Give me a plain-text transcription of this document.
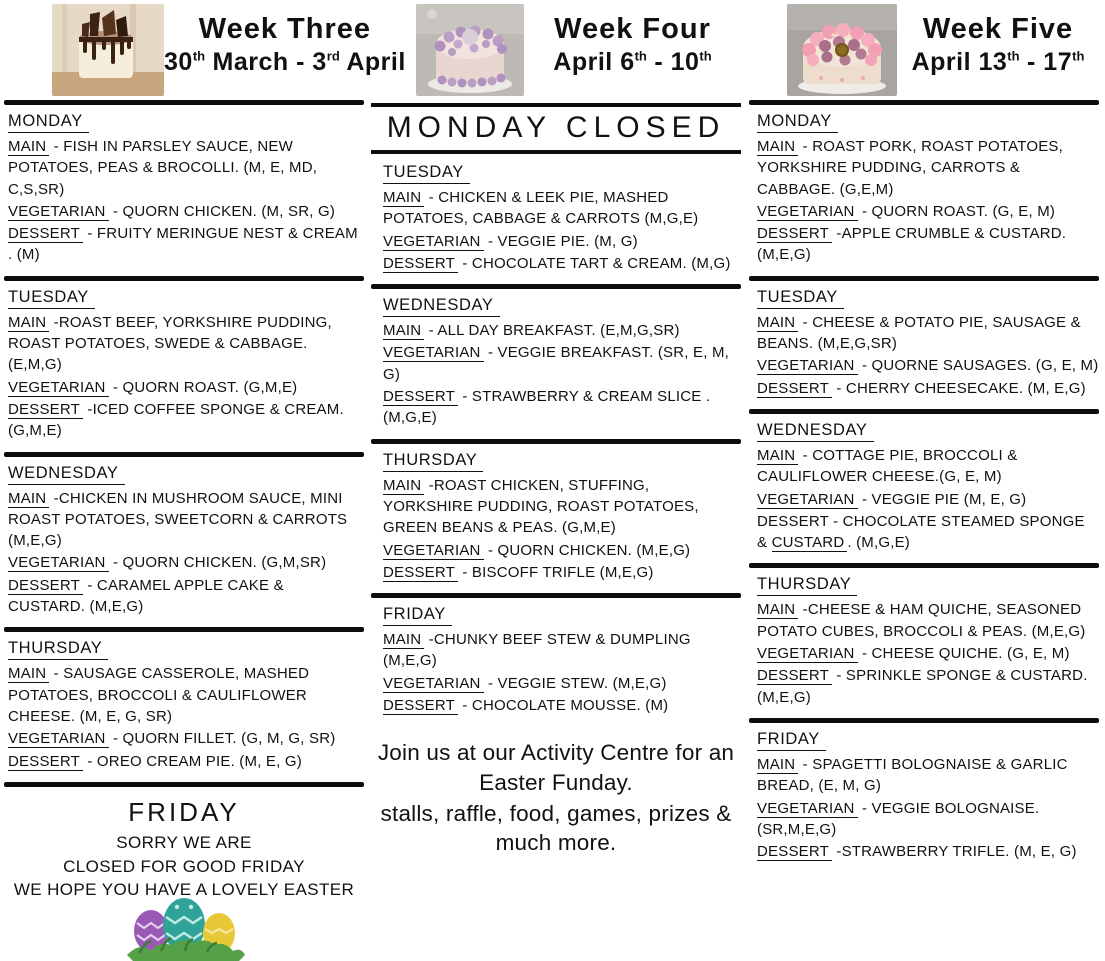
Week Three
30th March - 3rd April
MONDAY
MAIN - FISH IN PARSLEY SAUCE, NEW POTATOES, PEAS & BROCOLLI. (M, E, MD, C,S,SR)
VEGETARIAN - QUORN CHICKEN. (M, SR, G)
DESSERT - FRUITY MERINGUE NEST & CREAM . (M)
TUESDAY
MAIN -ROAST BEEF, YORKSHIRE PUDDING, ROAST POTATOES, SWEDE & CABBAGE. (E,M,G)
VEGETARIAN - QUORN ROAST. (G,M,E)
DESSERT -ICED COFFEE SPONGE & CREAM. (G,M,E)
WEDNESDAY
MAIN -CHICKEN IN MUSHROOM SAUCE, MINI ROAST POTATOES, SWEETCORN & CARROTS (M,E,G)
VEGETARIAN - QUORN CHICKEN. (G,M,SR)
DESSERT - CARAMEL APPLE CAKE & CUSTARD. (M,E,G)
THURSDAY
MAIN - SAUSAGE CASSEROLE, MASHED POTATOES, BROCCOLI & CAULIFLOWER CHEESE. (M, E, G, SR)
VEGETARIAN - QUORN FILLET. (G, M, G, SR)
DESSERT - OREO CREAM PIE. (M, E, G)
FRIDAY
SORRY WE ARE
CLOSED FOR GOOD FRIDAY
WE HOPE YOU HAVE A LOVELY EASTER
Week Four
April 6th - 10th
MONDAY CLOSED
TUESDAY
MAIN - CHICKEN & LEEK PIE, MASHED POTATOES, CABBAGE & CARROTS (M,G,E)
VEGETARIAN - VEGGIE PIE. (M, G)
DESSERT - CHOCOLATE TART & CREAM. (M,G)
WEDNESDAY
MAIN - ALL DAY BREAKFAST. (E,M,G,SR)
VEGETARIAN - VEGGIE BREAKFAST. (SR, E, M, G)
DESSERT - STRAWBERRY & CREAM SLICE . (M,G,E)
THURSDAY
MAIN -ROAST CHICKEN, STUFFING, YORKSHIRE PUDDING, ROAST POTATOES, GREEN BEANS & PEAS. (G,M,E)
VEGETARIAN - QUORN CHICKEN. (M,E,G)
DESSERT - BISCOFF TRIFLE (M,E,G)
FRIDAY
MAIN -CHUNKY BEEF STEW & DUMPLING (M,E,G)
VEGETARIAN - VEGGIE STEW. (M,E,G)
DESSERT - CHOCOLATE MOUSSE. (M)
Join us at our Activity Centre for an Easter Funday.
stalls, raffle, food, games, prizes & much more.
Week Five
April 13th - 17th
MONDAY
MAIN - ROAST PORK, ROAST POTATOES, YORKSHIRE PUDDING, CARROTS & CABBAGE. (G,E,M)
VEGETARIAN - QUORN ROAST. (G, E, M)
DESSERT -APPLE CRUMBLE & CUSTARD. (M,E,G)
TUESDAY
MAIN - CHEESE & POTATO PIE, SAUSAGE & BEANS. (M,E,G,SR)
VEGETARIAN - QUORNE SAUSAGES. (G, E, M)
DESSERT - CHERRY CHEESECAKE. (M, E,G)
WEDNESDAY
MAIN - COTTAGE PIE, BROCCOLI & CAULIFLOWER CHEESE.(G, E, M)
VEGETARIAN - VEGGIE PIE (M, E, G)
DESSERT - CHOCOLATE STEAMED SPONGE & CUSTARD . (M,G,E)
THURSDAY
MAIN -CHEESE & HAM QUICHE, SEASONED POTATO CUBES, BROCCOLI & PEAS. (M,E,G)
VEGETARIAN - CHEESE QUICHE. (G, E, M)
DESSERT - SPRINKLE SPONGE & CUSTARD. (M,E,G)
FRIDAY
MAIN - SPAGETTI BOLOGNAISE & GARLIC BREAD, (E, M, G)
VEGETARIAN - VEGGIE BOLOGNAISE. (SR,M,E,G)
DESSERT -STRAWBERRY TRIFLE. (M, E, G)
